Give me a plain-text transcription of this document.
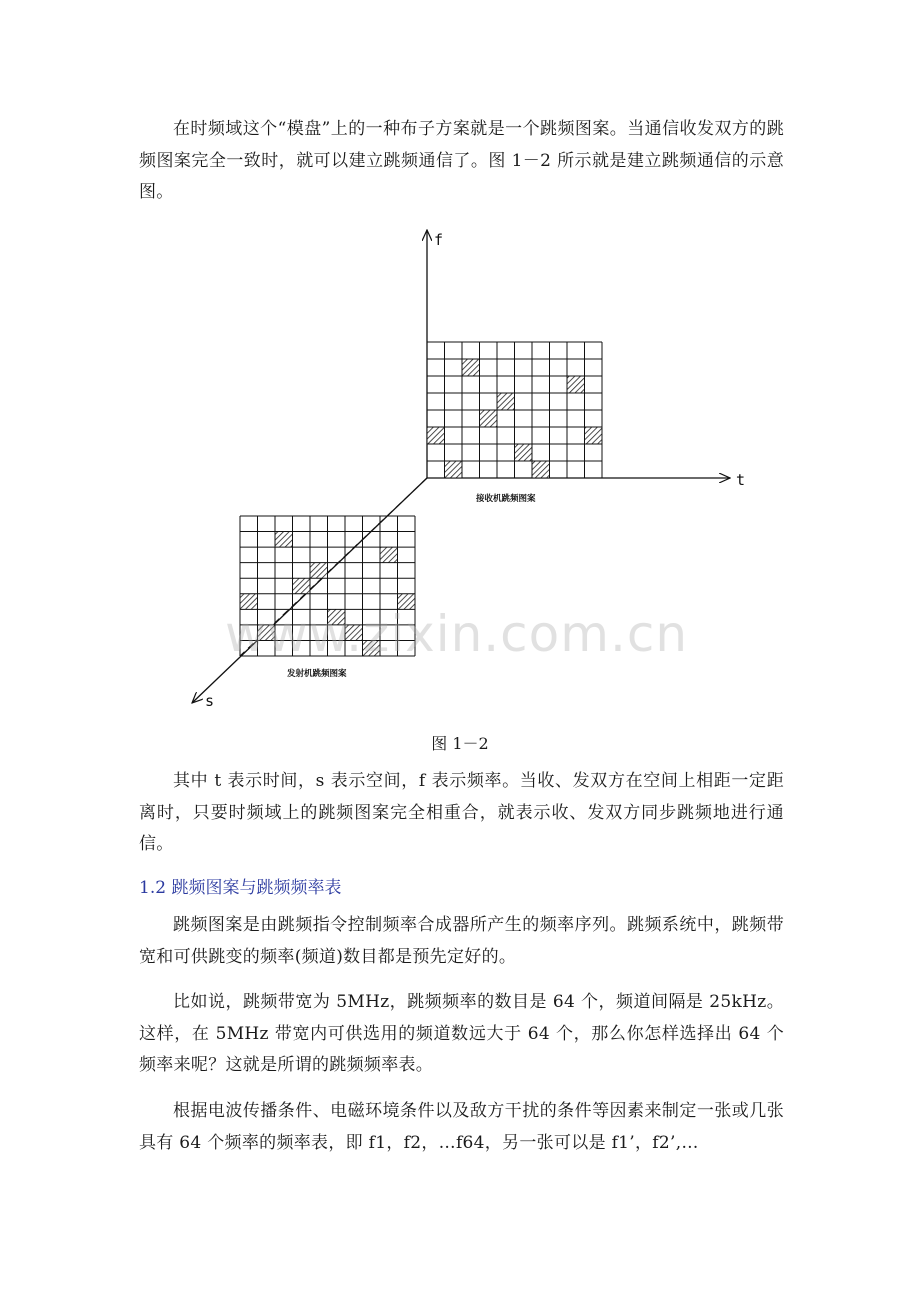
在时频域这个“模盘”上的一种布子方案就是一个跳频图案。当通信收发双方的跳频图案完全一致时，就可以建立跳频通信了。图 1－2 所示就是建立跳频通信的示意图。

f
t
s
接收机跳频图案
发射机跳频图案
www.zixin.com.cn

图 1－2

其中 t 表示时间，s 表示空间，f 表示频率。当收、发双方在空间上相距一定距离时，只要时频域上的跳频图案完全相重合，就表示收、发双方同步跳频地进行通信。

1.2 跳频图案与跳频频率表

跳频图案是由跳频指令控制频率合成器所产生的频率序列。跳频系统中，跳频带宽和可供跳变的频率(频道)数目都是预先定好的。

比如说，跳频带宽为 5MHz，跳频频率的数目是 64 个，频道间隔是 25kHz。这样，在 5MHz 带宽内可供选用的频道数远大于 64 个，那么你怎样选择出 64 个频率来呢？这就是所谓的跳频频率表。

根据电波传播条件、电磁环境条件以及敌方干扰的条件等因素来制定一张或几张具有 64 个频率的频率表，即 f1，f2，…f64，另一张可以是 f1’，f2’,…
